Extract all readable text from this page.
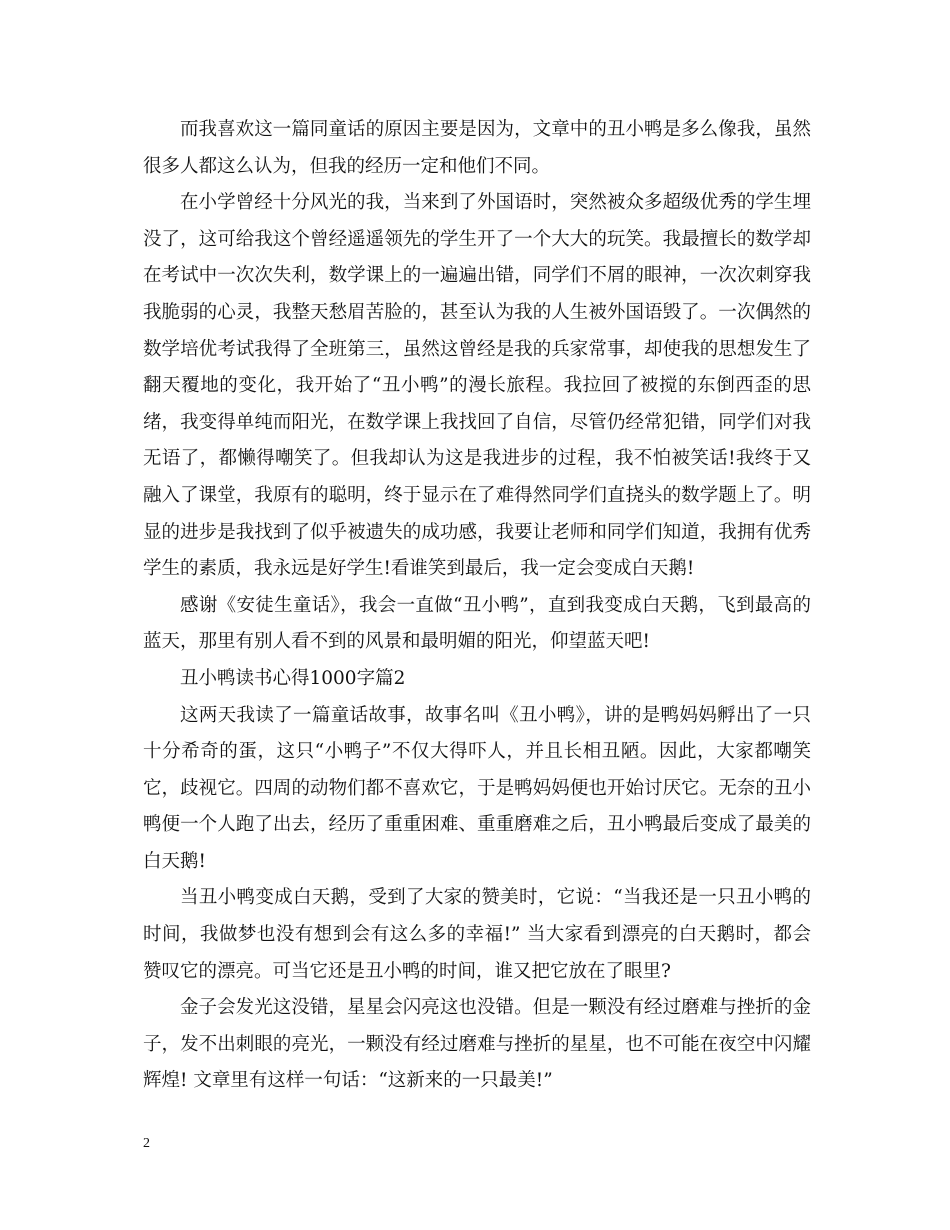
而我喜欢这一篇同童话的原因主要是因为，文章中的丑小鸭是多么像我，虽然很多人都这么认为，但我的经历一定和他们不同。

在小学曾经十分风光的我，当来到了外国语时，突然被众多超级优秀的学生埋没了，这可给我这个曾经遥遥领先的学生开了一个大大的玩笑。我最擅长的数学却在考试中一次次失利，数学课上的一遍遍出错，同学们不屑的眼神，一次次刺穿我我脆弱的心灵，我整天愁眉苦脸的，甚至认为我的人生被外国语毁了。一次偶然的数学培优考试我得了全班第三，虽然这曾经是我的兵家常事，却使我的思想发生了翻天覆地的变化，我开始了“丑小鸭”的漫长旅程。我拉回了被搅的东倒西歪的思绪，我变得单纯而阳光，在数学课上我找回了自信，尽管仍经常犯错，同学们对我无语了，都懒得嘲笑了。但我却认为这是我进步的过程，我不怕被笑话!我终于又融入了课堂，我原有的聪明，终于显示在了难得然同学们直挠头的数学题上了。明显的进步是我找到了似乎被遗失的成功感，我要让老师和同学们知道，我拥有优秀学生的素质，我永远是好学生!看谁笑到最后，我一定会变成白天鹅!

感谢《安徒生童话》，我会一直做“丑小鸭”，直到我变成白天鹅，飞到最高的蓝天，那里有别人看不到的风景和最明媚的阳光，仰望蓝天吧!

丑小鸭读书心得1000字篇2

这两天我读了一篇童话故事，故事名叫《丑小鸭》，讲的是鸭妈妈孵出了一只十分希奇的蛋，这只“小鸭子”不仅大得吓人，并且长相丑陋。因此，大家都嘲笑它，歧视它。四周的动物们都不喜欢它，于是鸭妈妈便也开始讨厌它。无奈的丑小鸭便一个人跑了出去，经历了重重困难、重重磨难之后，丑小鸭最后变成了最美的白天鹅!

当丑小鸭变成白天鹅，受到了大家的赞美时，它说：“当我还是一只丑小鸭的时间，我做梦也没有想到会有这么多的幸福!” 当大家看到漂亮的白天鹅时，都会赞叹它的漂亮。可当它还是丑小鸭的时间，谁又把它放在了眼里?

金子会发光这没错，星星会闪亮这也没错。但是一颗没有经过磨难与挫折的金子，发不出刺眼的亮光，一颗没有经过磨难与挫折的星星，也不可能在夜空中闪耀辉煌! 文章里有这样一句话：“这新来的一只最美!”

2
